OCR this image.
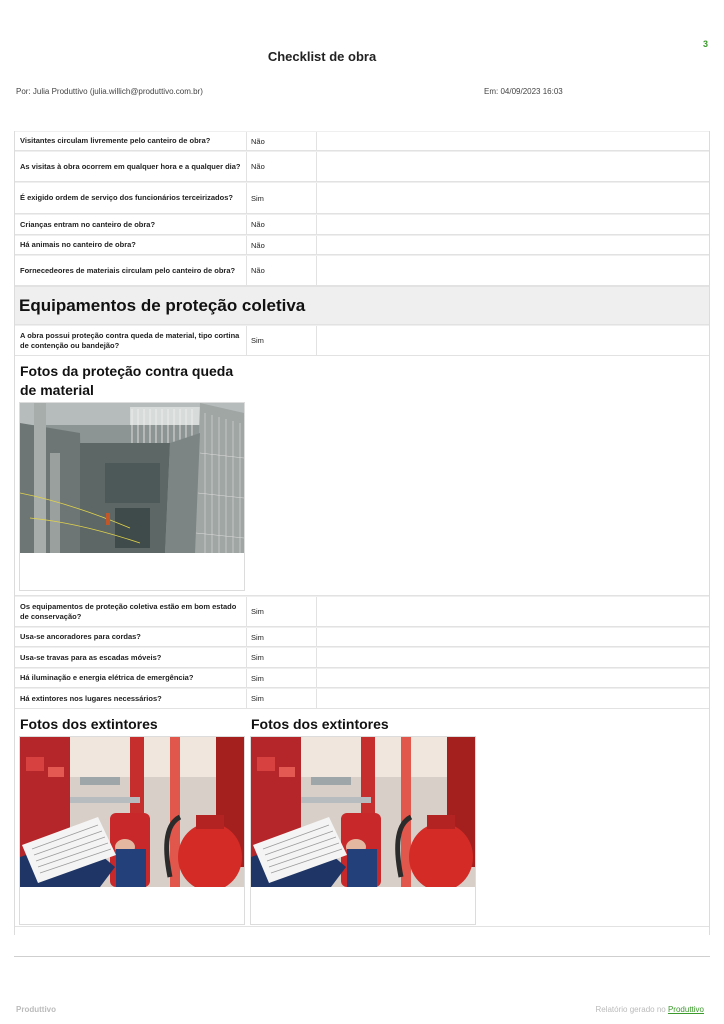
3
Checklist de obra
Por: Julia Produttivo (julia.willich@produttivo.com.br)	Em: 04/09/2023 16:03
Visitantes circulam livremente pelo canteiro de obra?	Não
As visitas à obra ocorrem em qualquer hora e a qualquer dia?	Não
É exigido ordem de serviço dos funcionários terceirizados?	Sim
Crianças entram no canteiro de obra?	Não
Há animais no canteiro de obra?	Não
Fornecedeores de materiais circulam pelo canteiro de obra?	Não
Equipamentos de proteção coletiva
A obra possui proteção contra queda de material, tipo cortina de contenção ou bandejão?	Sim
Fotos da proteção contra queda de material
Os equipamentos de proteção coletiva estão em bom estado de conservação?	Sim
Usa-se ancoradores para cordas?	Sim
Usa-se travas para as escadas móveis?	Sim
Há iluminação e energia elétrica de emergência?	Sim
Há extintores nos lugares necessários?	Sim
Fotos dos extintores	Fotos dos extintores
Produttivo	Relatório gerado no Produttivo
